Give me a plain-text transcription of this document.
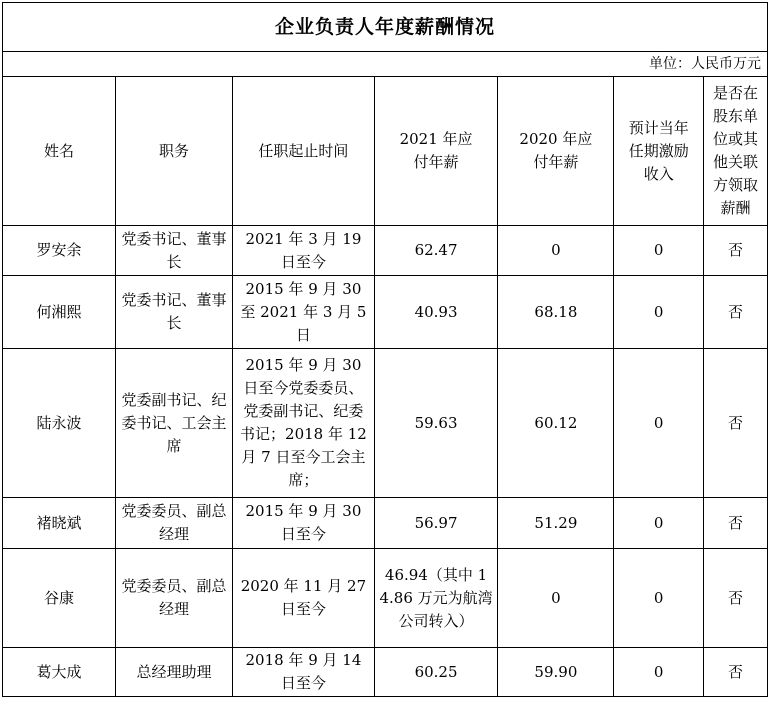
企业负责人年度薪酬情况						
单位：人民币万元						
姓名	职务	任职起止时间	2021 年应付年薪	2020 年应付年薪	预计当年任期激励收入	是否在股东单位或其他关联方领取薪酬
罗安余	党委书记、董事长	2021 年 3 月 19 日至今	62.47	0	0	否
何湘熙	党委书记、董事长	2015 年 9 月 30 至 2021 年 3 月 5 日	40.93	68.18	0	否
陆永波	党委副书记、纪委书记、工会主席	2015 年 9 月 30 日至今党委委员、党委副书记、纪委书记；2018 年 12 月 7 日至今工会主席；	59.63	60.12	0	否
褚晓斌	党委委员、副总经理	2015 年 9 月 30 日至今	56.97	51.29	0	否
谷康	党委委员、副总经理	2020 年 11 月 27 日至今	46.94（其中 14.86 万元为航湾公司转入）	0	0	否
葛大成	总经理助理	2018 年 9 月 14 日至今	60.25	59.90	0	否
